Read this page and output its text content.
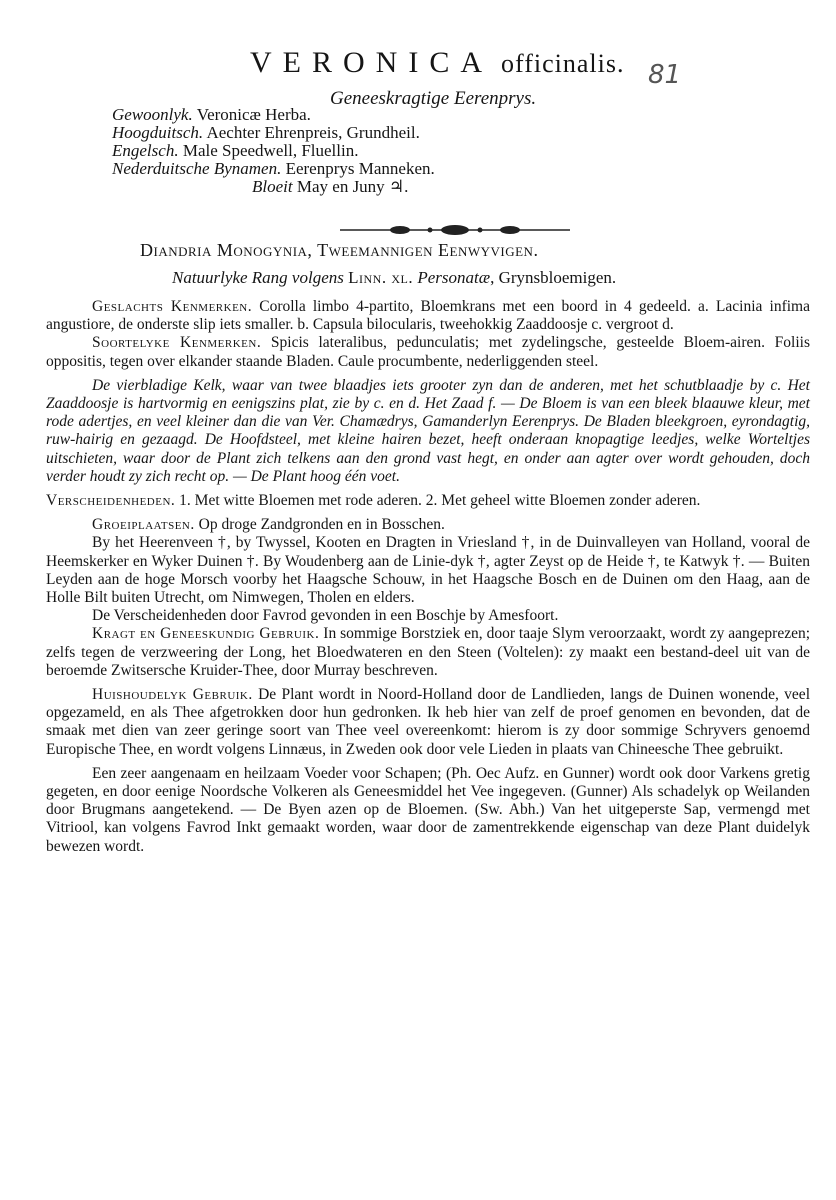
VERONICA officinalis. 81
Geneeskragtige Eerenprys.
Gewoonlyk. Veronicæ Herba.
Hoogduitsch. Aechter Ehrenpreis, Grundheil.
Engelsch. Male Speedwell, Fluellin.
Nederduitsche Bynamen. Eerenprys Manneken.
Bloeit May en Juny ♃.
Diandria Monogynia, Tweemannigen Eenwyvigen.
Natuurlyke Rang volgens Linn. xl. Personatæ, Grynsbloemigen.

Geslachts Kenmerken. Corolla limbo 4-partito, Bloemkrans met een boord in 4 gedeeld. a. Lacinia infima angustiore, de onderste slip iets smaller. b. Capsula bilocularis, tweehokkig Zaaddoosje c. vergroot d.

Soortelyke Kenmerken. Spicis lateralibus, pedunculatis; met zydelingsche, gesteelde Bloem-airen. Foliis oppositis, tegen over elkander staande Bladen. Caule procumbente, nederliggenden steel.

De vierbladige Kelk, waar van twee blaadjes iets grooter zyn dan de anderen, met het schutblaadje by c. Het Zaaddoosje is hartvormig en eenigszins plat, zie by c. en d. Het Zaad f. — De Bloem is van een bleek blaauwe kleur, met rode adertjes, en veel kleiner dan die van Ver. Chamædrys, Gamanderlyn Eerenprys. De Bladen bleekgroen, eyrondagtig, ruw-hairig en gezaagd. De Hoofdsteel, met kleine hairen bezet, heeft onderaan knopagtige leedjes, welke Worteltjes uitschieten, waar door de Plant zich telkens aan den grond vast hegt, en onder aan agter over wordt gehouden, doch verder houdt zy zich recht op. — De Plant hoog één voet.

Verscheidenheden. 1. Met witte Bloemen met rode aderen. 2. Met geheel witte Bloemen zonder aderen.

Groeiplaatsen. Op droge Zandgronden en in Bosschen.

By het Heerenveen †, by Twyssel, Kooten en Dragten in Vriesland †, in de Duinvalleyen van Holland, vooral de Heemskerker en Wyker Duinen †. By Woudenberg aan de Linie-dyk †, agter Zeyst op de Heide †, te Katwyk †. — Buiten Leyden aan de hoge Morsch voorby het Haagsche Schouw, in het Haagsche Bosch en de Duinen om den Haag, aan de Holle Bilt buiten Utrecht, om Nimwegen, Tholen en elders.

De Verscheidenheden door Favrod gevonden in een Boschje by Amesfoort.

Kragt en Geneeskundig Gebruik. In sommige Borstziek en, door taaje Slym veroorzaakt, wordt zy aangeprezen; zelfs tegen de verzweering der Long, het Bloedwateren en den Steen (Voltelen): zy maakt een bestand-deel uit van de beroemde Zwitsersche Kruider-Thee, door Murray beschreven.

Huishoudelyk Gebruik. De Plant wordt in Noord-Holland door de Landlieden, langs de Duinen wonende, veel opgezameld, en als Thee afgetrokken door hun gedronken. Ik heb hier van zelf de proef genomen en bevonden, dat de smaak met dien van zeer geringe soort van Thee veel overeenkomt: hierom is zy door sommige Schryvers genoemd Europische Thee, en wordt volgens Linnæus, in Zweden ook door vele Lieden in plaats van Chineesche Thee gebruikt.

Een zeer aangenaam en heilzaam Voeder voor Schapen; (Ph. Oec Aufz. en Gunner) wordt ook door Varkens gretig gegeten, en door eenige Noordsche Volkeren als Geneesmiddel het Vee ingegeven. (Gunner) Als schadelyk op Weilanden door Brugmans aangetekend. — De Byen azen op de Bloemen. (Sw. Abh.) Van het uitgeperste Sap, vermengd met Vitriool, kan volgens Favrod Inkt gemaakt worden, waar door de zamentrekkende eigenschap van deze Plant duidelyk bewezen wordt.
